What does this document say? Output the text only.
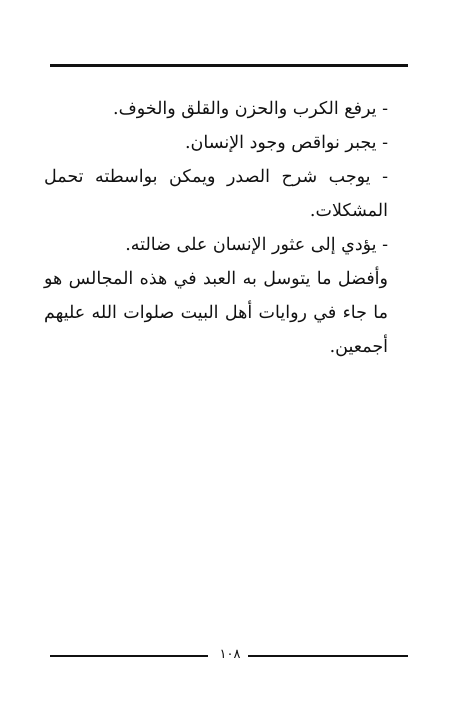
- يرفع الكرب والحزن والقلق والخوف.

- يجبر نواقص وجود الإنسان.

- يوجب شرح الصدر ويمكن بواسطته تحمل المشكلات.

- يؤدي إلى عثور الإنسان على ضالته.

وأفضل ما يتوسل به العبد في هذه المجالس هو ما جاء في روايات أهل البيت صلوات الله عليهم أجمعين.

١٠٨
